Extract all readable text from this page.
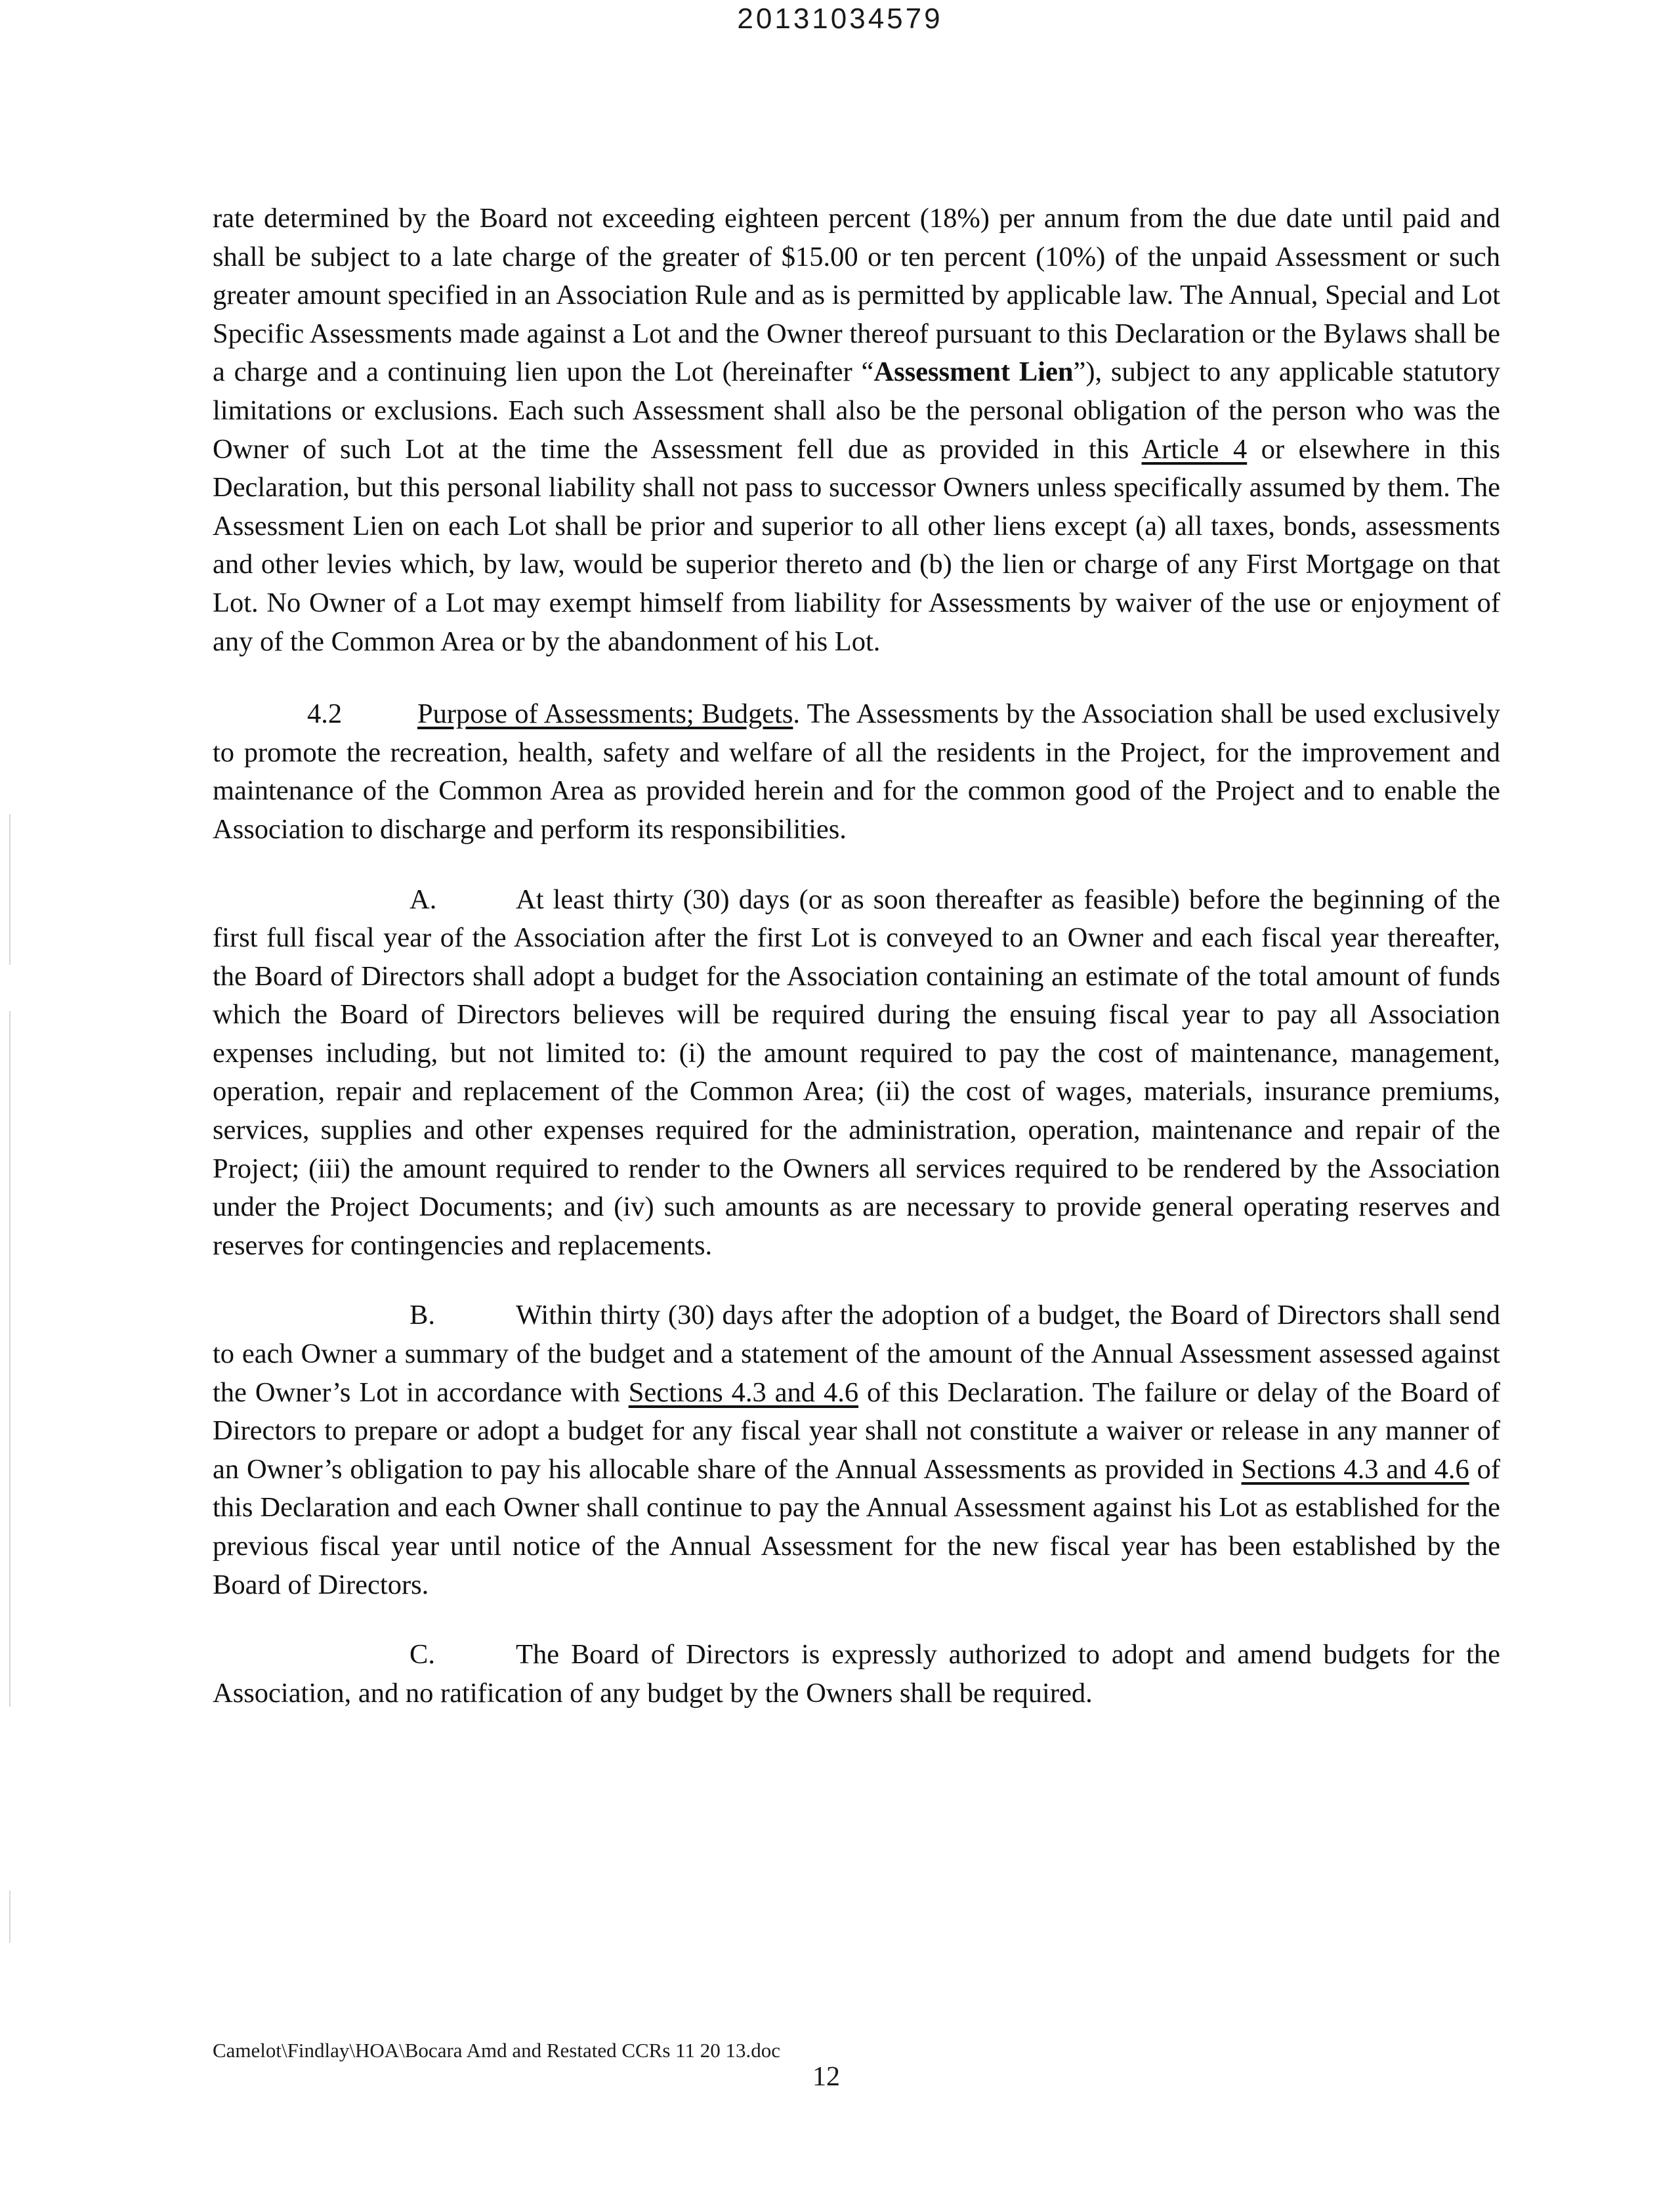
20131034579

rate determined by the Board not exceeding eighteen percent (18%) per annum from the due date until paid and shall be subject to a late charge of the greater of $15.00 or ten percent (10%) of the unpaid Assessment or such greater amount specified in an Association Rule and as is permitted by applicable law. The Annual, Special and Lot Specific Assessments made against a Lot and the Owner thereof pursuant to this Declaration or the Bylaws shall be a charge and a continuing lien upon the Lot (hereinafter “Assessment Lien”), subject to any applicable statutory limitations or exclusions. Each such Assessment shall also be the personal obligation of the person who was the Owner of such Lot at the time the Assessment fell due as provided in this Article 4 or elsewhere in this Declaration, but this personal liability shall not pass to successor Owners unless specifically assumed by them. The Assessment Lien on each Lot shall be prior and superior to all other liens except (a) all taxes, bonds, assessments and other levies which, by law, would be superior thereto and (b) the lien or charge of any First Mortgage on that Lot. No Owner of a Lot may exempt himself from liability for Assessments by waiver of the use or enjoyment of any of the Common Area or by the abandonment of his Lot.

4.2	Purpose of Assessments; Budgets. The Assessments by the Association shall be used exclusively to promote the recreation, health, safety and welfare of all the residents in the Project, for the improvement and maintenance of the Common Area as provided herein and for the common good of the Project and to enable the Association to discharge and perform its responsibilities.

A.	At least thirty (30) days (or as soon thereafter as feasible) before the beginning of the first full fiscal year of the Association after the first Lot is conveyed to an Owner and each fiscal year thereafter, the Board of Directors shall adopt a budget for the Association containing an estimate of the total amount of funds which the Board of Directors believes will be required during the ensuing fiscal year to pay all Association expenses including, but not limited to: (i) the amount required to pay the cost of maintenance, management, operation, repair and replacement of the Common Area; (ii) the cost of wages, materials, insurance premiums, services, supplies and other expenses required for the administration, operation, maintenance and repair of the Project; (iii) the amount required to render to the Owners all services required to be rendered by the Association under the Project Documents; and (iv) such amounts as are necessary to provide general operating reserves and reserves for contingencies and replacements.

B.	Within thirty (30) days after the adoption of a budget, the Board of Directors shall send to each Owner a summary of the budget and a statement of the amount of the Annual Assessment assessed against the Owner’s Lot in accordance with Sections 4.3 and 4.6 of this Declaration. The failure or delay of the Board of Directors to prepare or adopt a budget for any fiscal year shall not constitute a waiver or release in any manner of an Owner’s obligation to pay his allocable share of the Annual Assessments as provided in Sections 4.3 and 4.6 of this Declaration and each Owner shall continue to pay the Annual Assessment against his Lot as established for the previous fiscal year until notice of the Annual Assessment for the new fiscal year has been established by the Board of Directors.

C.	The Board of Directors is expressly authorized to adopt and amend budgets for the Association, and no ratification of any budget by the Owners shall be required.

Camelot\Findlay\HOA\Bocara Amd and Restated CCRs 11 20 13.doc
12
